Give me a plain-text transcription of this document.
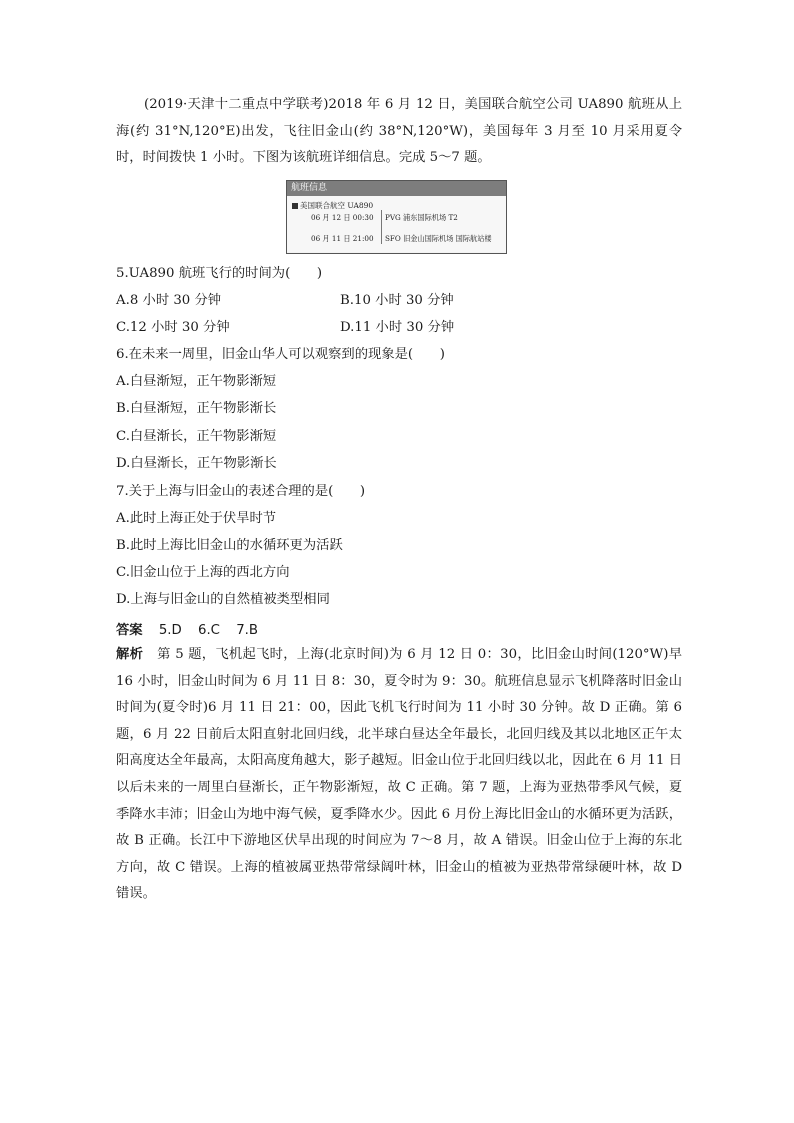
(2019·天津十二重点中学联考)2018 年 6 月 12 日，美国联合航空公司 UA890 航班从上海(约 31°N,120°E)出发，飞往旧金山(约 38°N,120°W)，美国每年 3 月至 10 月采用夏令时，时间拨快 1 小时。下图为该航班详细信息。完成 5～7 题。
航班信息
美国联合航空 UA890
06 月 12 日 00:30 PVG 浦东国际机场 T2
06 月 11 日 21:00 SFO 旧金山国际机场 国际航站楼
5.UA890 航班飞行的时间为(　　)
A.8 小时 30 分钟	B.10 小时 30 分钟
C.12 小时 30 分钟	D.11 小时 30 分钟
6.在未来一周里，旧金山华人可以观察到的现象是(　　)
A.白昼渐短，正午物影渐短
B.白昼渐短，正午物影渐长
C.白昼渐长，正午物影渐短
D.白昼渐长，正午物影渐长
7.关于上海与旧金山的表述合理的是(　　)
A.此时上海正处于伏旱时节
B.此时上海比旧金山的水循环更为活跃
C.旧金山位于上海的西北方向
D.上海与旧金山的自然植被类型相同
答案 5.D 6.C 7.B
解析 第 5 题，飞机起飞时，上海(北京时间)为 6 月 12 日 0：30，比旧金山时间(120°W)早 16 小时，旧金山时间为 6 月 11 日 8：30，夏令时为 9：30。航班信息显示飞机降落时旧金山时间为(夏令时)6 月 11 日 21：00，因此飞机飞行时间为 11 小时 30 分钟。故 D 正确。第 6 题，6 月 22 日前后太阳直射北回归线，北半球白昼达全年最长，北回归线及其以北地区正午太阳高度达全年最高，太阳高度角越大，影子越短。旧金山位于北回归线以北，因此在 6 月 11 日以后未来的一周里白昼渐长，正午物影渐短，故 C 正确。第 7 题，上海为亚热带季风气候，夏季降水丰沛；旧金山为地中海气候，夏季降水少。因此 6 月份上海比旧金山的水循环更为活跃，故 B 正确。长江中下游地区伏旱出现的时间应为 7～8 月，故 A 错误。旧金山位于上海的东北方向，故 C 错误。上海的植被属亚热带常绿阔叶林，旧金山的植被为亚热带常绿硬叶林，故 D 错误。
